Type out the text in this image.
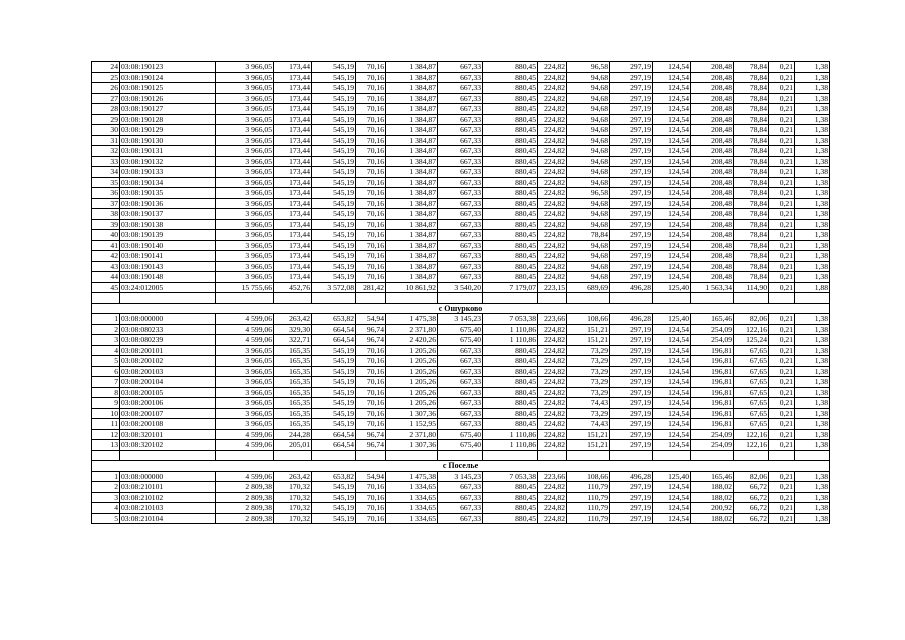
24	03:08:190123	3 966,05	173,44	545,19	70,16	1 384,87	667,33	880,45	224,82	96,58	297,19	124,54	208,48	78,84	0,21	1,38
25	03:08:190124	3 966,05	173,44	545,19	70,16	1 384,87	667,33	880,45	224,82	94,68	297,19	124,54	208,48	78,84	0,21	1,38
26	03:08:190125	3 966,05	173,44	545,19	70,16	1 384,87	667,33	880,45	224,82	94,68	297,19	124,54	208,48	78,84	0,21	1,38
27	03:08:190126	3 966,05	173,44	545,19	70,16	1 384,87	667,33	880,45	224,82	94,68	297,19	124,54	208,48	78,84	0,21	1,38
28	03:08:190127	3 966,05	173,44	545,19	70,16	1 384,87	667,33	880,45	224,82	94,68	297,19	124,54	208,48	78,84	0,21	1,38
29	03:08:190128	3 966,05	173,44	545,19	70,16	1 384,87	667,33	880,45	224,82	94,68	297,19	124,54	208,48	78,84	0,21	1,38
30	03:08:190129	3 966,05	173,44	545,19	70,16	1 384,87	667,33	880,45	224,82	94,68	297,19	124,54	208,48	78,84	0,21	1,38
31	03:08:190130	3 966,05	173,44	545,19	70,16	1 384,87	667,33	880,45	224,82	94,68	297,19	124,54	208,48	78,84	0,21	1,38
32	03:08:190131	3 966,05	173,44	545,19	70,16	1 384,87	667,33	880,45	224,82	94,68	297,19	124,54	208,48	78,84	0,21	1,38
33	03:08:190132	3 966,05	173,44	545,19	70,16	1 384,87	667,33	880,45	224,82	94,68	297,19	124,54	208,48	78,84	0,21	1,38
34	03:08:190133	3 966,05	173,44	545,19	70,16	1 384,87	667,33	880,45	224,82	94,68	297,19	124,54	208,48	78,84	0,21	1,38
35	03:08:190134	3 966,05	173,44	545,19	70,16	1 384,87	667,33	880,45	224,82	94,68	297,19	124,54	208,48	78,84	0,21	1,38
36	03:08:190135	3 966,05	173,44	545,19	70,16	1 384,87	667,33	880,45	224,82	96,58	297,19	124,54	208,48	78,84	0,21	1,38
37	03:08:190136	3 966,05	173,44	545,19	70,16	1 384,87	667,33	880,45	224,82	94,68	297,19	124,54	208,48	78,84	0,21	1,38
38	03:08:190137	3 966,05	173,44	545,19	70,16	1 384,87	667,33	880,45	224,82	94,68	297,19	124,54	208,48	78,84	0,21	1,38
39	03:08:190138	3 966,05	173,44	545,19	70,16	1 384,87	667,33	880,45	224,82	94,68	297,19	124,54	208,48	78,84	0,21	1,38
40	03:08:190139	3 966,05	173,44	545,19	70,16	1 384,87	667,33	880,45	224,82	78,84	297,19	124,54	208,48	78,84	0,21	1,38
41	03:08:190140	3 966,05	173,44	545,19	70,16	1 384,87	667,33	880,45	224,82	94,68	297,19	124,54	208,48	78,84	0,21	1,38
42	03:08:190141	3 966,05	173,44	545,19	70,16	1 384,87	667,33	880,45	224,82	94,68	297,19	124,54	208,48	78,84	0,21	1,38
43	03:08:190143	3 966,05	173,44	545,19	70,16	1 384,87	667,33	880,45	224,82	94,68	297,19	124,54	208,48	78,84	0,21	1,38
44	03:08:190148	3 966,05	173,44	545,19	70,16	1 384,87	667,33	880,45	224,82	94,68	297,19	124,54	208,48	78,84	0,21	1,38
45	03:24:012005	15 755,66	452,76	3 572,08	281,42	10 861,92	3 540,20	7 179,07	223,15	689,69	496,28	125,40	1 563,34	114,90	0,21	1,88

с Ошурково																
1	03:08:000000	4 599,06	263,42	653,82	54,94	1 475,38	3 145,23	7 053,38	223,66	108,66	496,28	125,40	165,46	82,06	0,21	1,38
2	03:08:080233	4 599,06	329,30	664,54	96,74	2 371,80	675,40	1 110,86	224,82	151,21	297,19	124,54	254,09	122,16	0,21	1,38
3	03:08:080239	4 599,06	322,71	664,54	96,74	2 420,26	675,40	1 110,86	224,82	151,21	297,19	124,54	254,09	125,24	0,21	1,38
4	03:08:200101	3 966,05	165,35	545,19	70,16	1 205,26	667,33	880,45	224,82	73,29	297,19	124,54	196,81	67,65	0,21	1,38
5	03:08:200102	3 966,05	165,35	545,19	70,16	1 205,26	667,33	880,45	224,82	73,29	297,19	124,54	196,81	67,65	0,21	1,38
6	03:08:200103	3 966,05	165,35	545,19	70,16	1 205,26	667,33	880,45	224,82	73,29	297,19	124,54	196,81	67,65	0,21	1,38
7	03:08:200104	3 966,05	165,35	545,19	70,16	1 205,26	667,33	880,45	224,82	73,29	297,19	124,54	196,81	67,65	0,21	1,38
8	03:08:200105	3 966,05	165,35	545,19	70,16	1 205,26	667,33	880,45	224,82	73,29	297,19	124,54	196,81	67,65	0,21	1,38
9	03:08:200106	3 966,05	165,35	545,19	70,16	1 205,26	667,33	880,45	224,82	74,43	297,19	124,54	196,81	67,65	0,21	1,38
10	03:08:200107	3 966,05	165,35	545,19	70,16	1 307,36	667,33	880,45	224,82	73,29	297,19	124,54	196,81	67,65	0,21	1,38
11	03:08:200108	3 966,05	165,35	545,19	70,16	1 152,95	667,33	880,45	224,82	74,43	297,19	124,54	196,81	67,65	0,21	1,38
12	03:08:320101	4 599,06	244,28	664,54	96,74	2 371,80	675,40	1 110,86	224,82	151,21	297,19	124,54	254,09	122,16	0,21	1,38
13	03:08:320102	4 599,06	205,01	664,54	96,74	1 307,36	675,40	1 110,86	224,82	151,21	297,19	124,54	254,09	122,16	0,21	1,38

с Поселье																
1	03:08:000000	4 599,06	263,42	653,82	54,94	1 475,38	3 145,23	7 053,38	223,66	108,66	496,28	125,40	165,46	82,06	0,21	1,38
2	03:08:210101	2 809,38	170,32	545,19	70,16	1 334,65	667,33	880,45	224,82	110,79	297,19	124,54	188,02	66,72	0,21	1,38
3	03:08:210102	2 809,38	170,32	545,19	70,16	1 334,65	667,33	880,45	224,82	110,79	297,19	124,54	188,02	66,72	0,21	1,38
4	03:08:210103	2 809,38	170,32	545,19	70,16	1 334,65	667,33	880,45	224,82	110,79	297,19	124,54	200,92	66,72	0,21	1,38
5	03:08:210104	2 809,38	170,32	545,19	70,16	1 334,65	667,33	880,45	224,82	110,79	297,19	124,54	188,02	66,72	0,21	1,38
